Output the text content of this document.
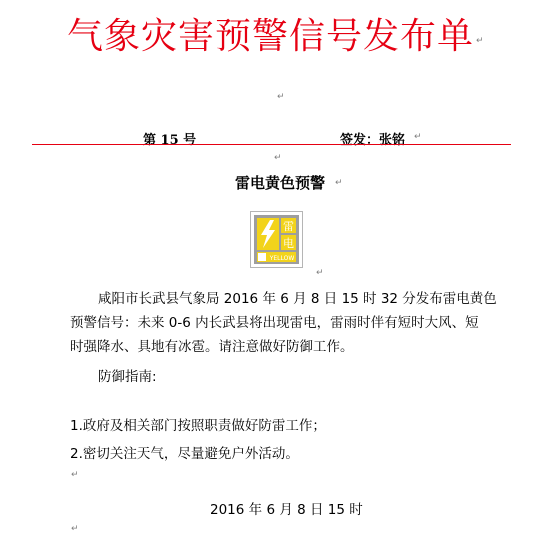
气象灾害预警信号发布单 ↵
↵
第 15 号	签发：张铭 ↵
↵
雷电黄色预警	↵
雷
电
YELLOW
↵
咸阳市长武县气象局 2016 年 6 月 8 日 15 时 32 分发布雷电黄色
预警信号：未来 0-6 内长武县将出现雷电，雷雨时伴有短时大风、短
时强降水、具地有冰雹。请注意做好防御工作。
防御指南:
1.政府及相关部门按照职责做好防雷工作；
2.密切关注天气，尽量避免户外活动。
↵
2016 年 6 月 8 日 15 时
↵
